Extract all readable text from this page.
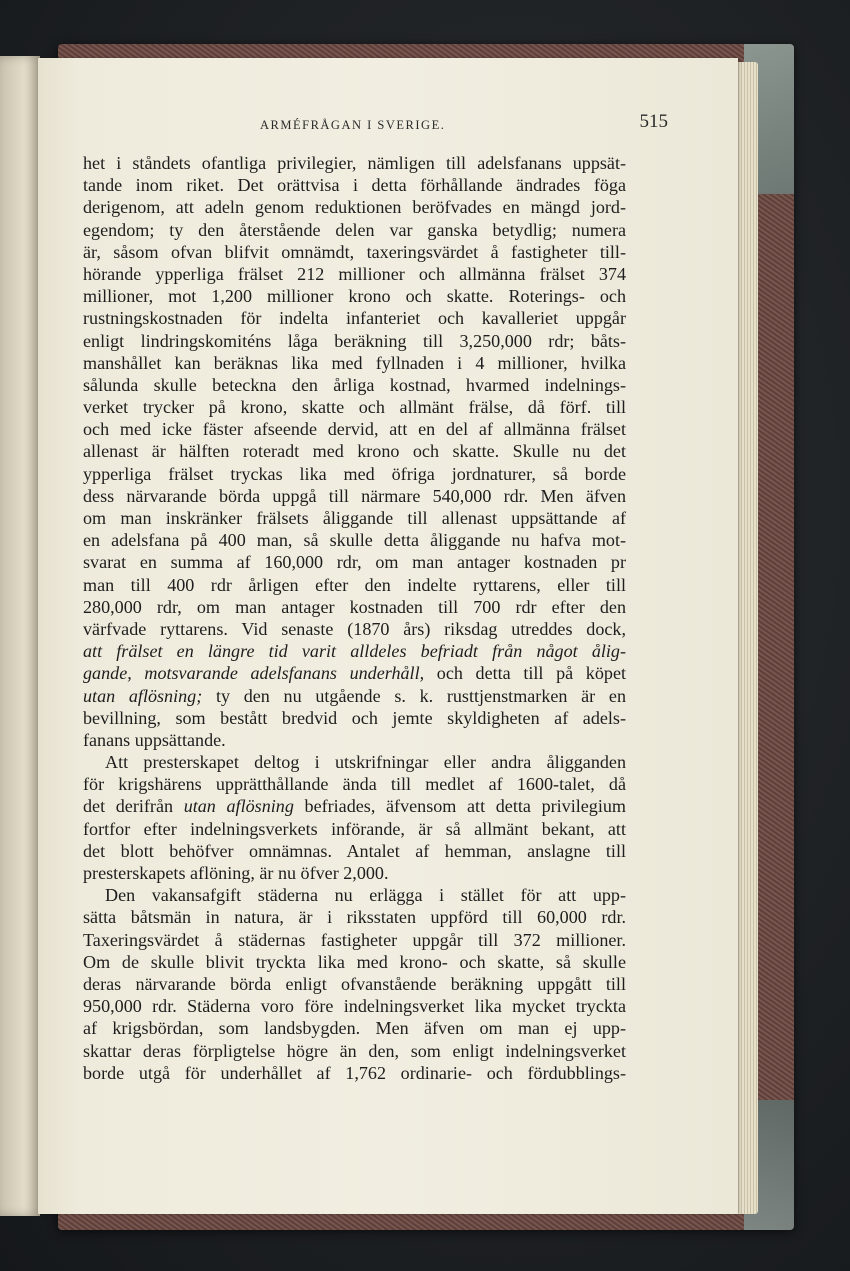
ARMÉFRÅGAN I SVERIGE.	515
het i ståndets ofantliga privilegier, nämligen till adelsfanans uppsät-
tande inom riket. Det orättvisa i detta förhållande ändrades föga
derigenom, att adeln genom reduktionen beröfvades en mängd jord-
egendom; ty den återstående delen var ganska betydlig; numera
är, såsom ofvan blifvit omnämdt, taxeringsvärdet å fastigheter till-
hörande ypperliga frälset 212 millioner och allmänna frälset 374
millioner, mot 1,200 millioner krono och skatte. Roterings- och
rustningskostnaden för indelta infanteriet och kavalleriet uppgår
enligt lindringskomiténs låga beräkning till 3,250,000 rdr; båts-
manshållet kan beräknas lika med fyllnaden i 4 millioner, hvilka
sålunda skulle beteckna den årliga kostnad, hvarmed indelnings-
verket trycker på krono, skatte och allmänt frälse, då förf. till
och med icke fäster afseende dervid, att en del af allmänna frälset
allenast är hälften roteradt med krono och skatte. Skulle nu det
ypperliga frälset tryckas lika med öfriga jordnaturer, så borde
dess närvarande börda uppgå till närmare 540,000 rdr. Men äfven
om man inskränker frälsets åliggande till allenast uppsättande af
en adelsfana på 400 man, så skulle detta åliggande nu hafva mot-
svarat en summa af 160,000 rdr, om man antager kostnaden pr
man till 400 rdr årligen efter den indelte ryttarens, eller till
280,000 rdr, om man antager kostnaden till 700 rdr efter den
värfvade ryttarens. Vid senaste (1870 års) riksdag utreddes dock,
att frälset en längre tid varit alldeles befriadt från något ålig-
gande, motsvarande adelsfanans underhåll, och detta till på köpet
utan aflösning; ty den nu utgående s. k. rusttjenstmarken är en
bevillning, som bestått bredvid och jemte skyldigheten af adels-
fanans uppsättande.
Att presterskapet deltog i utskrifningar eller andra åligganden
för krigshärens upprätthållande ända till medlet af 1600-talet, då
det derifrån utan aflösning befriades, äfvensom att detta privilegium
fortfor efter indelningsverkets införande, är så allmänt bekant, att
det blott behöfver omnämnas. Antalet af hemman, anslagne till
presterskapets aflöning, är nu öfver 2,000.
Den vakansafgift städerna nu erlägga i stället för att upp-
sätta båtsmän in natura, är i riksstaten uppförd till 60,000 rdr.
Taxeringsvärdet å städernas fastigheter uppgår till 372 millioner.
Om de skulle blivit tryckta lika med krono- och skatte, så skulle
deras närvarande börda enligt ofvanstående beräkning uppgått till
950,000 rdr. Städerna voro före indelningsverket lika mycket tryckta
af krigsbördan, som landsbygden. Men äfven om man ej upp-
skattar deras förpligtelse högre än den, som enligt indelningsverket
borde utgå för underhållet af 1,762 ordinarie- och fördubblings-
